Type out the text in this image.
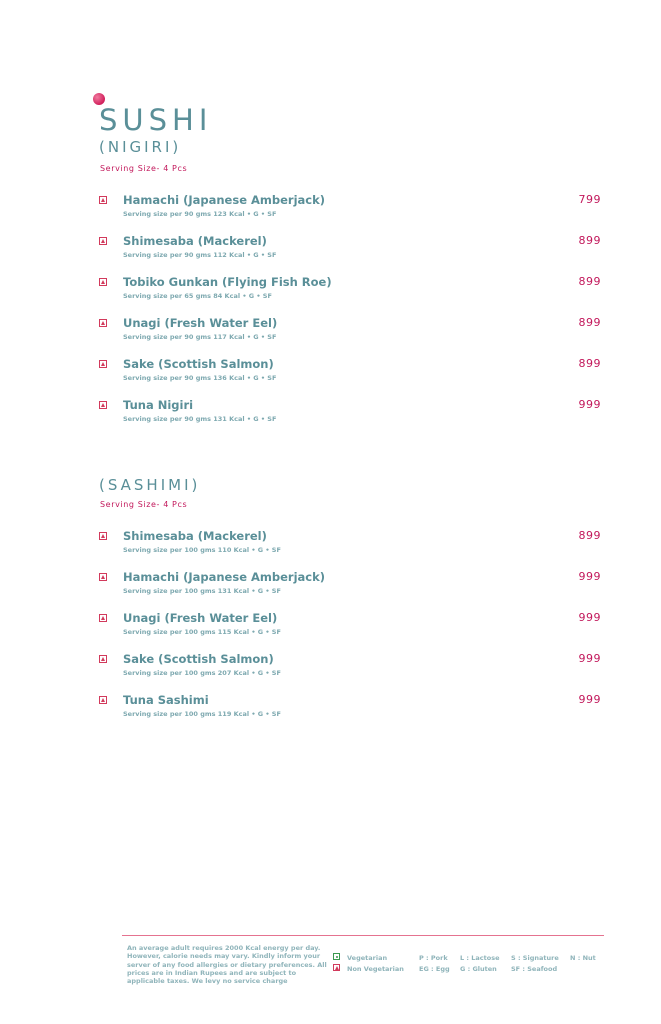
SUSHI
(NIGIRI)
Serving Size- 4 Pcs
Hamachi (Japanese Amberjack)
Serving size per 90 gms 123 Kcal • G • SF
799
Shimesaba (Mackerel)
Serving size per 90 gms 112 Kcal • G • SF
899
Tobiko Gunkan (Flying Fish Roe)
Serving size per 65 gms 84 Kcal • G • SF
899
Unagi (Fresh Water Eel)
Serving size per 90 gms 117 Kcal • G • SF
899
Sake (Scottish Salmon)
Serving size per 90 gms 136 Kcal • G • SF
899
Tuna Nigiri
Serving size per 90 gms 131 Kcal • G • SF
999
(SASHIMI)
Serving Size- 4 Pcs
Shimesaba (Mackerel)
Serving size per 100 gms 110 Kcal • G • SF
899
Hamachi (Japanese Amberjack)
Serving size per 100 gms 131 Kcal • G • SF
999
Unagi (Fresh Water Eel)
Serving size per 100 gms 115 Kcal • G • SF
999
Sake (Scottish Salmon)
Serving size per 100 gms 207 Kcal • G • SF
999
Tuna Sashimi
Serving size per 100 gms 119 Kcal • G • SF
999

An average adult requires 2000 Kcal energy per day. However, calorie needs may vary. Kindly inform your server of any food allergies or dietary preferences. All prices are in Indian Rupees and are subject to applicable taxes. We levy no service charge

Vegetarian
Non Vegetarian
P : Pork
EG : Egg
L : Lactose
G : Gluten
S : Signature
SF : Seafood
N : Nut
